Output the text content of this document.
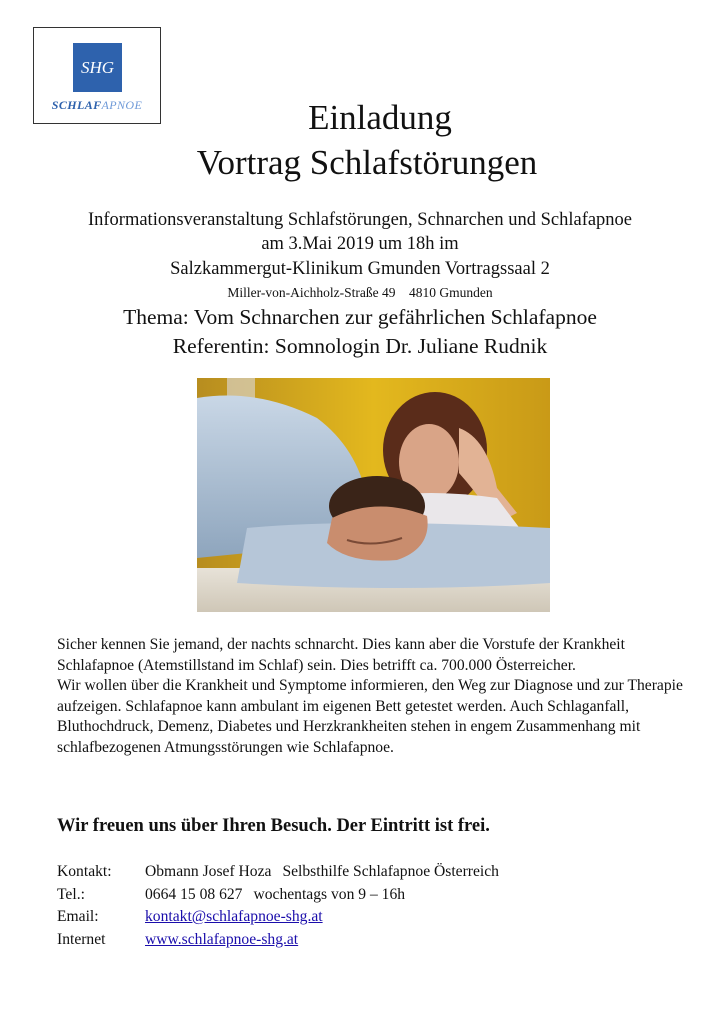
SHG
SCHLAFAPNOE	Einladung
Vortrag Schlafstörungen
Informationsveranstaltung Schlafstörungen, Schnarchen und Schlafapnoe
am 3.Mai 2019 um 18h im
Salzkammergut-Klinikum Gmunden Vortragssaal 2
Miller-von-Aichholz-Straße 49    4810 Gmunden
Thema: Vom Schnarchen zur gefährlichen Schlafapnoe
Referentin: Somnologin Dr. Juliane Rudnik

Sicher kennen Sie jemand, der nachts schnarcht. Dies kann aber die Vorstufe der Krankheit Schlafapnoe (Atemstillstand im Schlaf) sein. Dies betrifft ca. 700.000 Österreicher.

Wir wollen über die Krankheit und Symptome informieren, den Weg zur Diagnose und zur Therapie aufzeigen. Schlafapnoe kann ambulant im eigenen Bett getestet werden. Auch Schlaganfall, Bluthochdruck, Demenz, Diabetes und Herzkrankheiten stehen in engem Zusammenhang mit schlafbezogenen Atmungsstörungen wie Schlafapnoe.

Wir freuen uns über Ihren Besuch. Der Eintritt ist frei.
Kontakt:	Obmann Josef Hoza Selbsthilfe Schlafapnoe Österreich
Tel.:	0664 15 08 627 wochentags von 9 – 16h
Email:	kontakt@schlafapnoe-shg.at
Internet	www.schlafapnoe-shg.at
